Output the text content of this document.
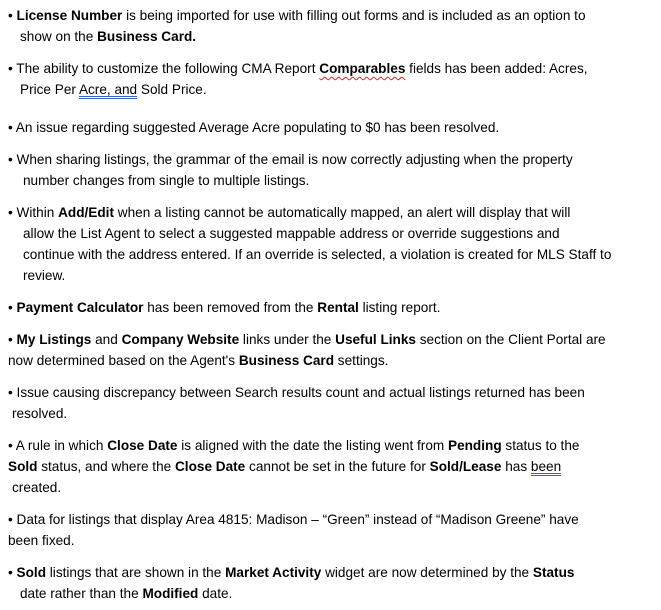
• License Number is being imported for use with filling out forms and is included as an option to
show on the Business Card.
• The ability to customize the following CMA Report Comparables fields has been added: Acres,
Price Per Acre, and Sold Price.
• An issue regarding suggested Average Acre populating to $0 has been resolved.
• When sharing listings, the grammar of the email is now correctly adjusting when the property
number changes from single to multiple listings.
• Within Add/Edit when a listing cannot be automatically mapped, an alert will display that will
allow the List Agent to select a suggested mappable address or override suggestions and
continue with the address entered. If an override is selected, a violation is created for MLS Staff to
review.
• Payment Calculator has been removed from the Rental listing report.
• My Listings and Company Website links under the Useful Links section on the Client Portal are
now determined based on the Agent's Business Card settings.
• Issue causing discrepancy between Search results count and actual listings returned has been
resolved.
• A rule in which Close Date is aligned with the date the listing went from Pending status to the
Sold status, and where the Close Date cannot be set in the future for Sold/Lease has been
created.
• Data for listings that display Area 4815: Madison – “Green” instead of “Madison Greene” have
been fixed.
• Sold listings that are shown in the Market Activity widget are now determined by the Status
date rather than the Modified date.
